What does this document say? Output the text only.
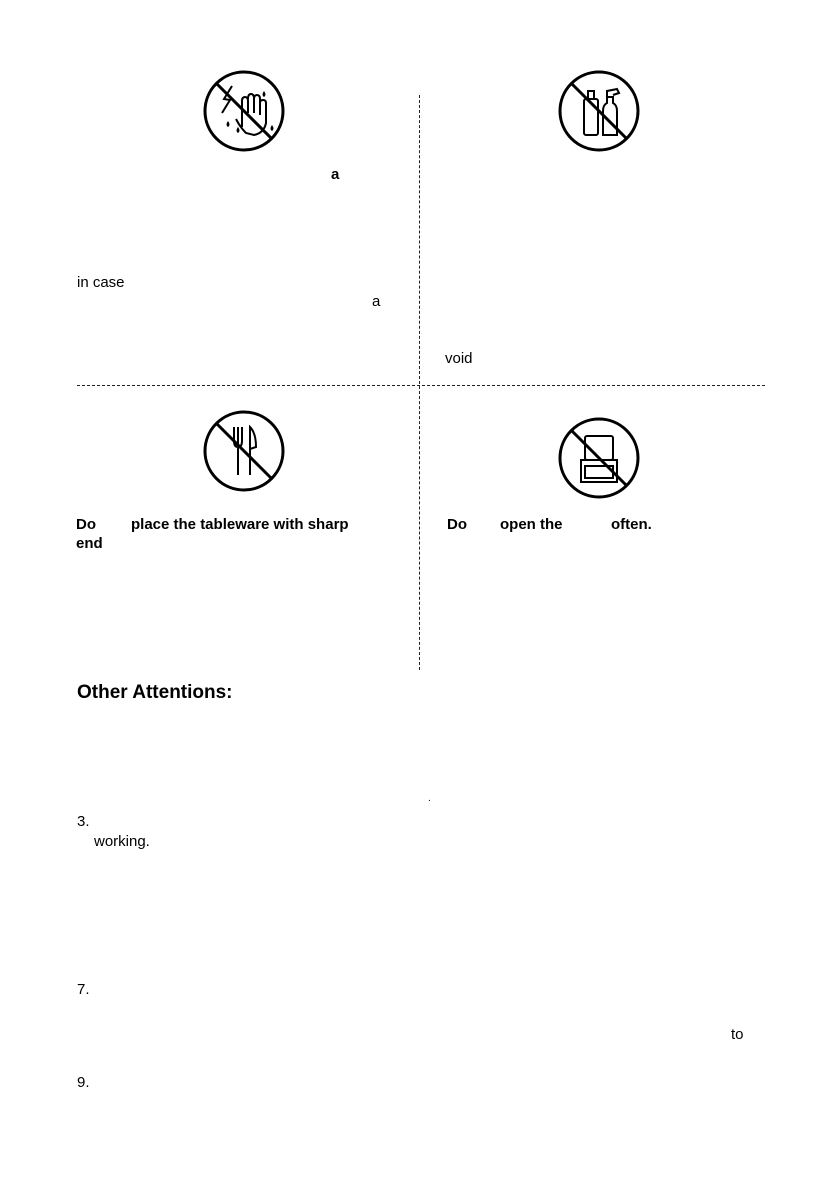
a
in case
a
void
Do place the tableware with sharp
end
Do open the	often.
Other Attentions:
.
3.
working.
7.
to
9.
